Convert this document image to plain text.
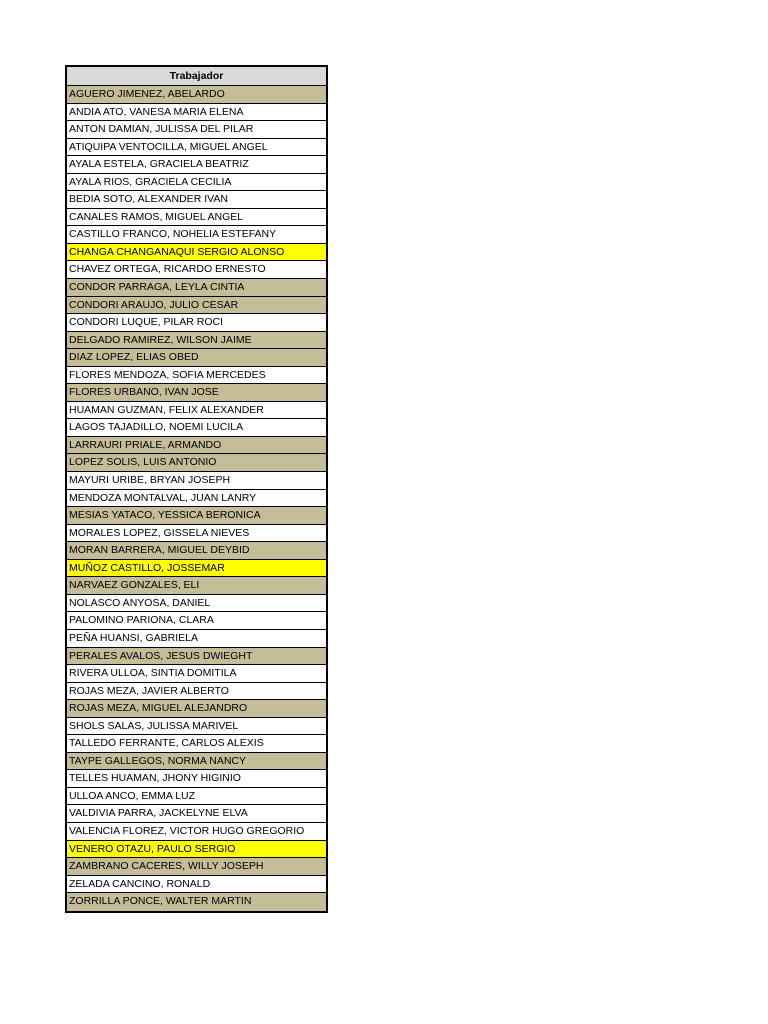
Trabajador
AGUERO JIMENEZ, ABELARDO
ANDIA ATO, VANESA MARIA ELENA
ANTON DAMIAN, JULISSA DEL PILAR
ATIQUIPA VENTOCILLA, MIGUEL ANGEL
AYALA ESTELA, GRACIELA BEATRIZ
AYALA RIOS, GRACIELA CECILIA
BEDIA SOTO, ALEXANDER IVAN
CANALES RAMOS, MIGUEL ANGEL
CASTILLO FRANCO, NOHELIA ESTEFANY
CHANGA CHANGANAQUI SERGIO ALONSO
CHAVEZ ORTEGA, RICARDO ERNESTO
CONDOR PARRAGA, LEYLA CINTIA
CONDORI ARAUJO, JULIO CESAR
CONDORI LUQUE, PILAR ROCI
DELGADO RAMIREZ, WILSON JAIME
DIAZ LOPEZ, ELIAS OBED
FLORES MENDOZA, SOFIA MERCEDES
FLORES URBANO, IVAN JOSE
HUAMAN GUZMAN, FELIX ALEXANDER
LAGOS TAJADILLO, NOEMI LUCILA
LARRAURI PRIALE, ARMANDO
LOPEZ SOLIS, LUIS ANTONIO
MAYURI URIBE, BRYAN JOSEPH
MENDOZA MONTALVAL, JUAN LANRY
MESIAS YATACO, YESSICA BERONICA
MORALES LOPEZ, GISSELA NIEVES
MORAN BARRERA, MIGUEL DEYBID
MUÑOZ CASTILLO, JOSSEMAR
NARVAEZ GONZALES, ELI
NOLASCO ANYOSA, DANIEL
PALOMINO PARIONA, CLARA
PEÑA HUANSI, GABRIELA
PERALES AVALOS, JESUS DWIEGHT
RIVERA ULLOA, SINTIA DOMITILA
ROJAS MEZA, JAVIER ALBERTO
ROJAS MEZA, MIGUEL ALEJANDRO
SHOLS SALAS, JULISSA MARIVEL
TALLEDO FERRANTE, CARLOS ALEXIS
TAYPE GALLEGOS, NORMA NANCY
TELLES HUAMAN, JHONY HIGINIO
ULLOA ANCO, EMMA LUZ
VALDIVIA PARRA, JACKELYNE ELVA
VALENCIA FLOREZ, VICTOR HUGO GREGORIO
VENERO OTAZU, PAULO SERGIO
ZAMBRANO CACERES, WILLY JOSEPH
ZELADA CANCINO, RONALD
ZORRILLA PONCE, WALTER MARTIN
